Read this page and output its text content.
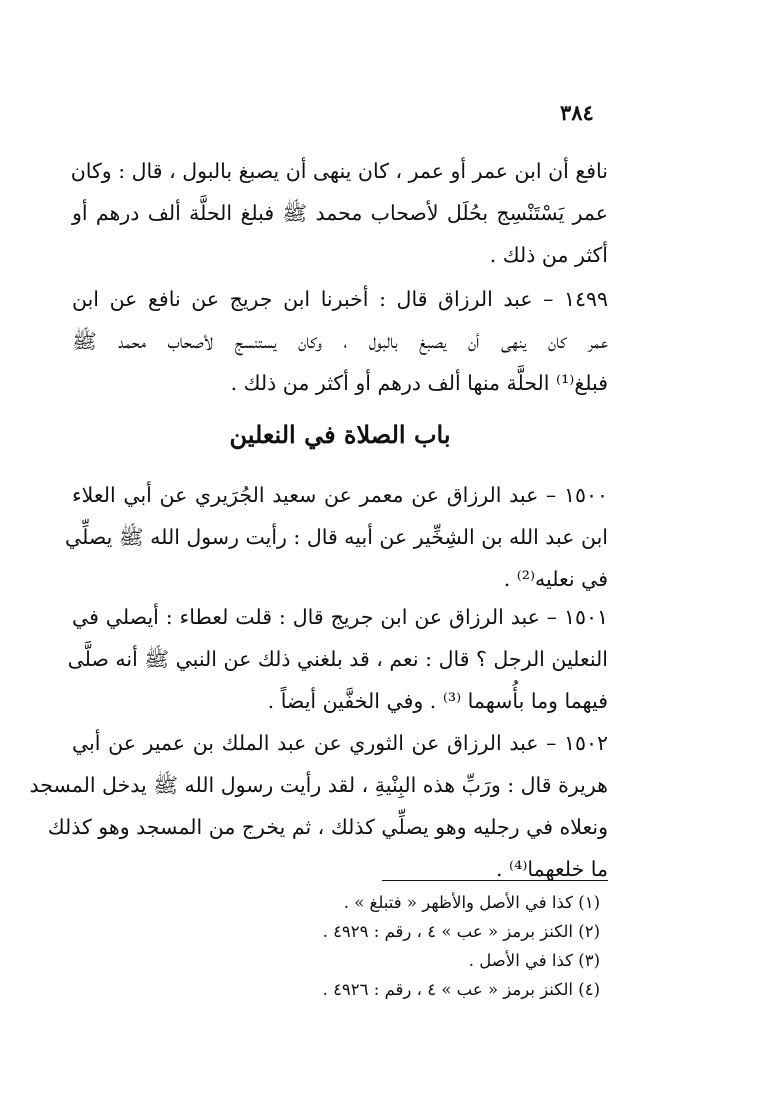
٣٨٤
نافع أن ابن عمر أو عمر ، كان ينهى أن يصبغ بالبول ، قال : وكان
عمر يَسْتَنْسِج بحُلَل لأصحاب محمد ﷺ فبلغ الحلَّة ألف درهم أو
أكثر من ذلك .
١٤٩٩ – عبد الرزاق قال : أخبرنا ابن جريج عن نافع عن ابن
عمر كان ينهى أن يصبغ بالبول ، وكان يستنسج لأصحاب محمد ﷺ
فبلغ⁽¹⁾ الحلَّة منها ألف درهم أو أكثر من ذلك .
باب الصلاة في النعلين
١٥٠٠ – عبد الرزاق عن معمر عن سعيد الجُرَيري عن أبي العلاء
ابن عبد الله بن الشِخِّير عن أبيه قال : رأيت رسول الله ﷺ يصلِّي
في نعليه⁽²⁾ .
١٥٠١ – عبد الرزاق عن ابن جريج قال : قلت لعطاء : أيصلي في
النعلين الرجل ؟ قال : نعم ، قد بلغني ذلك عن النبي ﷺ أنه صلَّى
فيهما وما بأُسهما ⁽³⁾ . وفي الخفَّين أيضاً .
١٥٠٢ – عبد الرزاق عن الثوري عن عبد الملك بن عمير عن أبي
هريرة قال : ورَبِّ هذه البِنْيةِ ، لقد رأيت رسول الله ﷺ يدخل المسجد
ونعلاه في رجليه وهو يصلِّي كذلك ، ثم يخرج من المسجد وهو كذلك
ما خلعهما⁽⁴⁾ .
(١) كذا في الأصل والأظهر « فتبلغ » .
(٢) الكنز برمز « عب » ٤ ، رقم : ٤٩٢٩ .
(٣) كذا في الأصل .
(٤) الكنز برمز « عب » ٤ ، رقم : ٤٩٢٦ .
